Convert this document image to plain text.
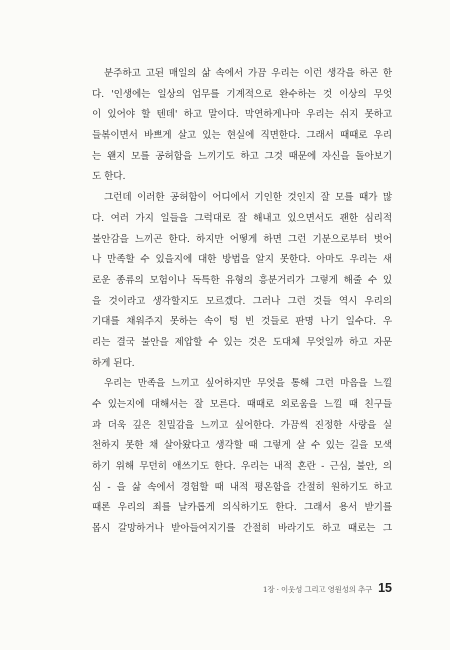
분주하고 고된 매일의 삶 속에서 가끔 우리는 이런 생각을 하곤 한
다. '인생에는 일상의 업무를 기계적으로 완수하는 것 이상의 무엇
이 있어야 할 텐데' 하고 말이다. 막연하게나마 우리는 쉬지 못하고
들볶이면서 바쁘게 살고 있는 현실에 직면한다. 그래서 때때로 우리
는 왠지 모를 공허함을 느끼기도 하고 그것 때문에 자신을 돌아보기
도 한다.
그런데 이러한 공허함이 어디에서 기인한 것인지 잘 모를 때가 많
다. 여러 가지 일들을 그럭대로 잘 해내고 있으면서도 괜한 심리적
불안감을 느끼곤 한다. 하지만 어떻게 하면 그런 기분으로부터 벗어
나 만족할 수 있을지에 대한 방법을 알지 못한다. 아마도 우리는 새
로운 종류의 모험이나 독특한 유형의 흥분거리가 그렇게 해줄 수 있
을 것이라고 생각할지도 모르겠다. 그러나 그런 것들 역시 우리의
기대를 채워주지 못하는 속이 텅 빈 것들로 판명 나기 일수다. 우
리는 결국 불안을 제압할 수 있는 것은 도대체 무엇일까 하고 자문
하게 된다.
우리는 만족을 느끼고 싶어하지만 무엇을 통해 그런 마음을 느낄
수 있는지에 대해서는 잘 모른다. 때때로 외로움을 느낄 때 친구들
과 더욱 깊은 친밀감을 느끼고 싶어한다. 가끔씩 진정한 사랑을 실
천하지 못한 채 살아왔다고 생각할 때 그렇게 살 수 있는 길을 모색
하기 위해 무던히 애쓰기도 한다. 우리는 내적 혼란 - 근심, 불안, 의
심 - 을 삶 속에서 경험할 때 내적 평온함을 간절히 원하기도 하고
때론 우리의 죄를 날카롭게 의식하기도 한다. 그래서 용서 받기를
몹시 갈망하거나 받아들여지기를 간절히 바라기도 하고 때로는 그
1장 · 이웃성 그리고 영원성의 추구 15
